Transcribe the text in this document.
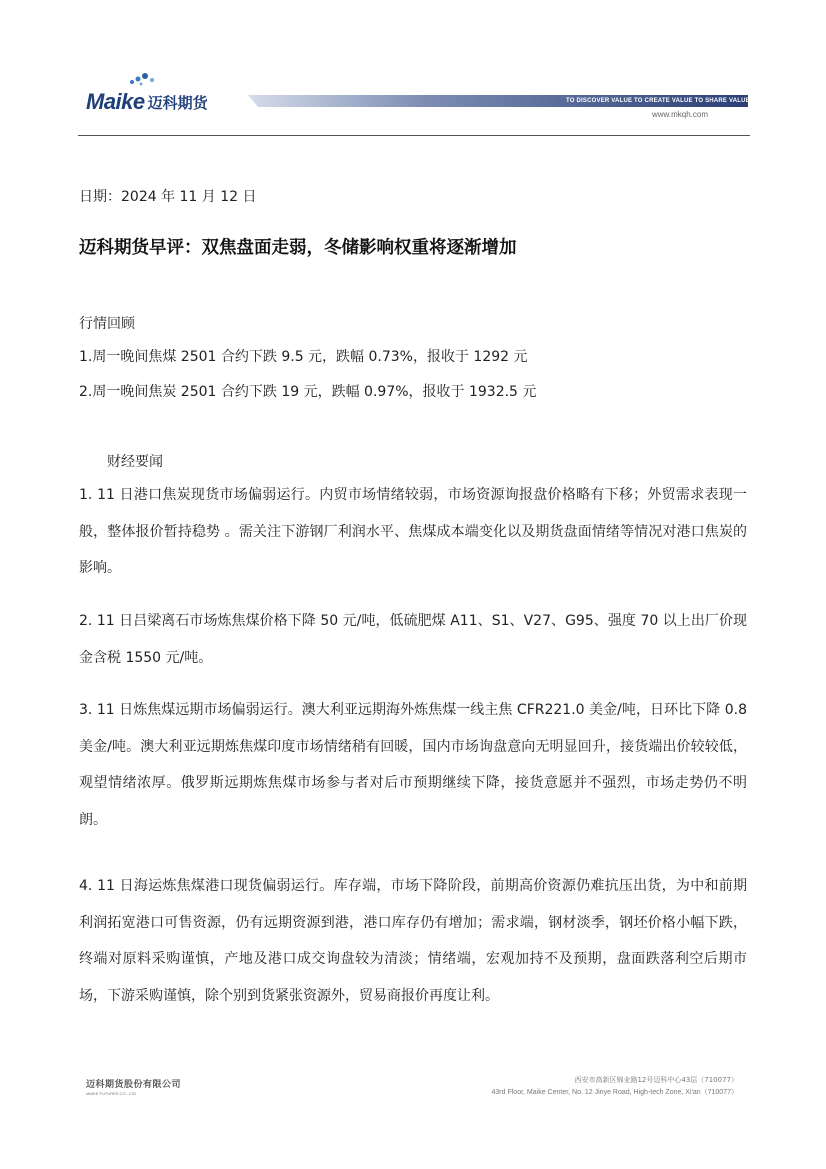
Maike 迈科期货	TO DISCOVER VALUE TO CREATE VALUE TO SHARE VALUE
www.mkqh.com
日期：2024 年 11 月 12 日
迈科期货早评：双焦盘面走弱，冬储影响权重将逐渐增加
行情回顾
1.周一晚间焦煤 2501 合约下跌 9.5 元，跌幅 0.73%，报收于 1292 元
2.周一晚间焦炭 2501 合约下跌 19 元，跌幅 0.97%，报收于 1932.5 元
财经要闻
1. 11 日港口焦炭现货市场偏弱运行。内贸市场情绪较弱，市场资源询报盘价格略有下移；外贸需求表现一般，整体报价暂持稳势 。需关注下游钢厂利润水平、焦煤成本端变化以及期货盘面情绪等情况对港口焦炭的影响。
2. 11 日吕梁离石市场炼焦煤价格下降 50 元/吨，低硫肥煤 A11、S1、V27、G95、强度 70 以上出厂价现金含税 1550 元/吨。
3. 11 日炼焦煤远期市场偏弱运行。澳大利亚远期海外炼焦煤一线主焦 CFR221.0 美金/吨，日环比下降 0.8 美金/吨。澳大利亚远期炼焦煤印度市场情绪稍有回暖，国内市场询盘意向无明显回升，接货端出价较较低，观望情绪浓厚。俄罗斯远期炼焦煤市场参与者对后市预期继续下降，接货意愿并不强烈，市场走势仍不明朗。
4. 11 日海运炼焦煤港口现货偏弱运行。库存端，市场下降阶段，前期高价资源仍难抗压出货，为中和前期利润拓宽港口可售资源，仍有远期资源到港，港口库存仍有增加；需求端，钢材淡季，钢坯价格小幅下跌，终端对原料采购谨慎，产地及港口成交询盘较为清淡；情绪端，宏观加持不及预期，盘面跌落利空后期市场，下游采购谨慎，除个别到货紧张资源外，贸易商报价再度让利。
迈科期货股份有限公司
MAIKE FUTURES CO., LTD.
西安市高新区锦业路12号迈科中心43层（710077）
43rd Floor, Maike Center, No. 12 Jinye Road, High-tech Zone, Xi'an（710077）
